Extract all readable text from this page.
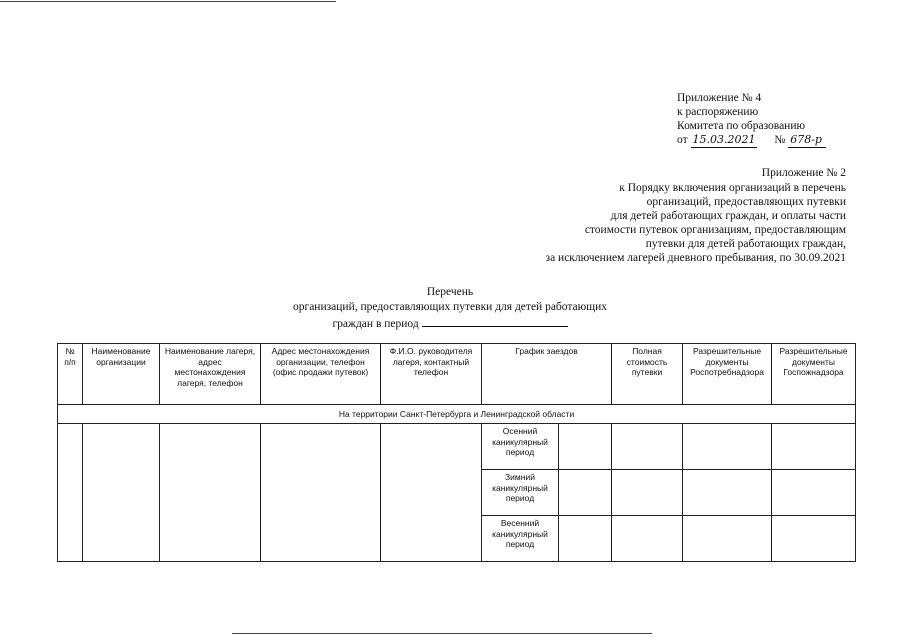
Приложение № 4
к распоряжению
Комитета по образованию
от 15.03.2021 № 678-р
Приложение № 2
к Порядку включения организаций в перечень
организаций, предоставляющих путевки
для детей работающих граждан, и оплаты части
стоимости путевок организациям, предоставляющим
путевки для детей работающих граждан,
за исключением лагерей дневного пребывания, по 30.09.2021
Перечень
организаций, предоставляющих путевки для детей работающих
граждан в период
№ п/п	Наименование организации	Наименование лагеря, адрес местонахождения лагеря, телефон	Адрес местонахождения организации, телефон (офис продажи путевок)	Ф.И.О. руководителя лагеря, контактный телефон	График заездов		Полная стоимость путевки	Разрешительные документы Роспотребнадзора	Разрешительные документы Госпожнадзора
На территории Санкт-Петербурга и Ленинградской области									
					Осенний каникулярный период				
					Зимний каникулярный период				
					Весенний каникулярный период				
